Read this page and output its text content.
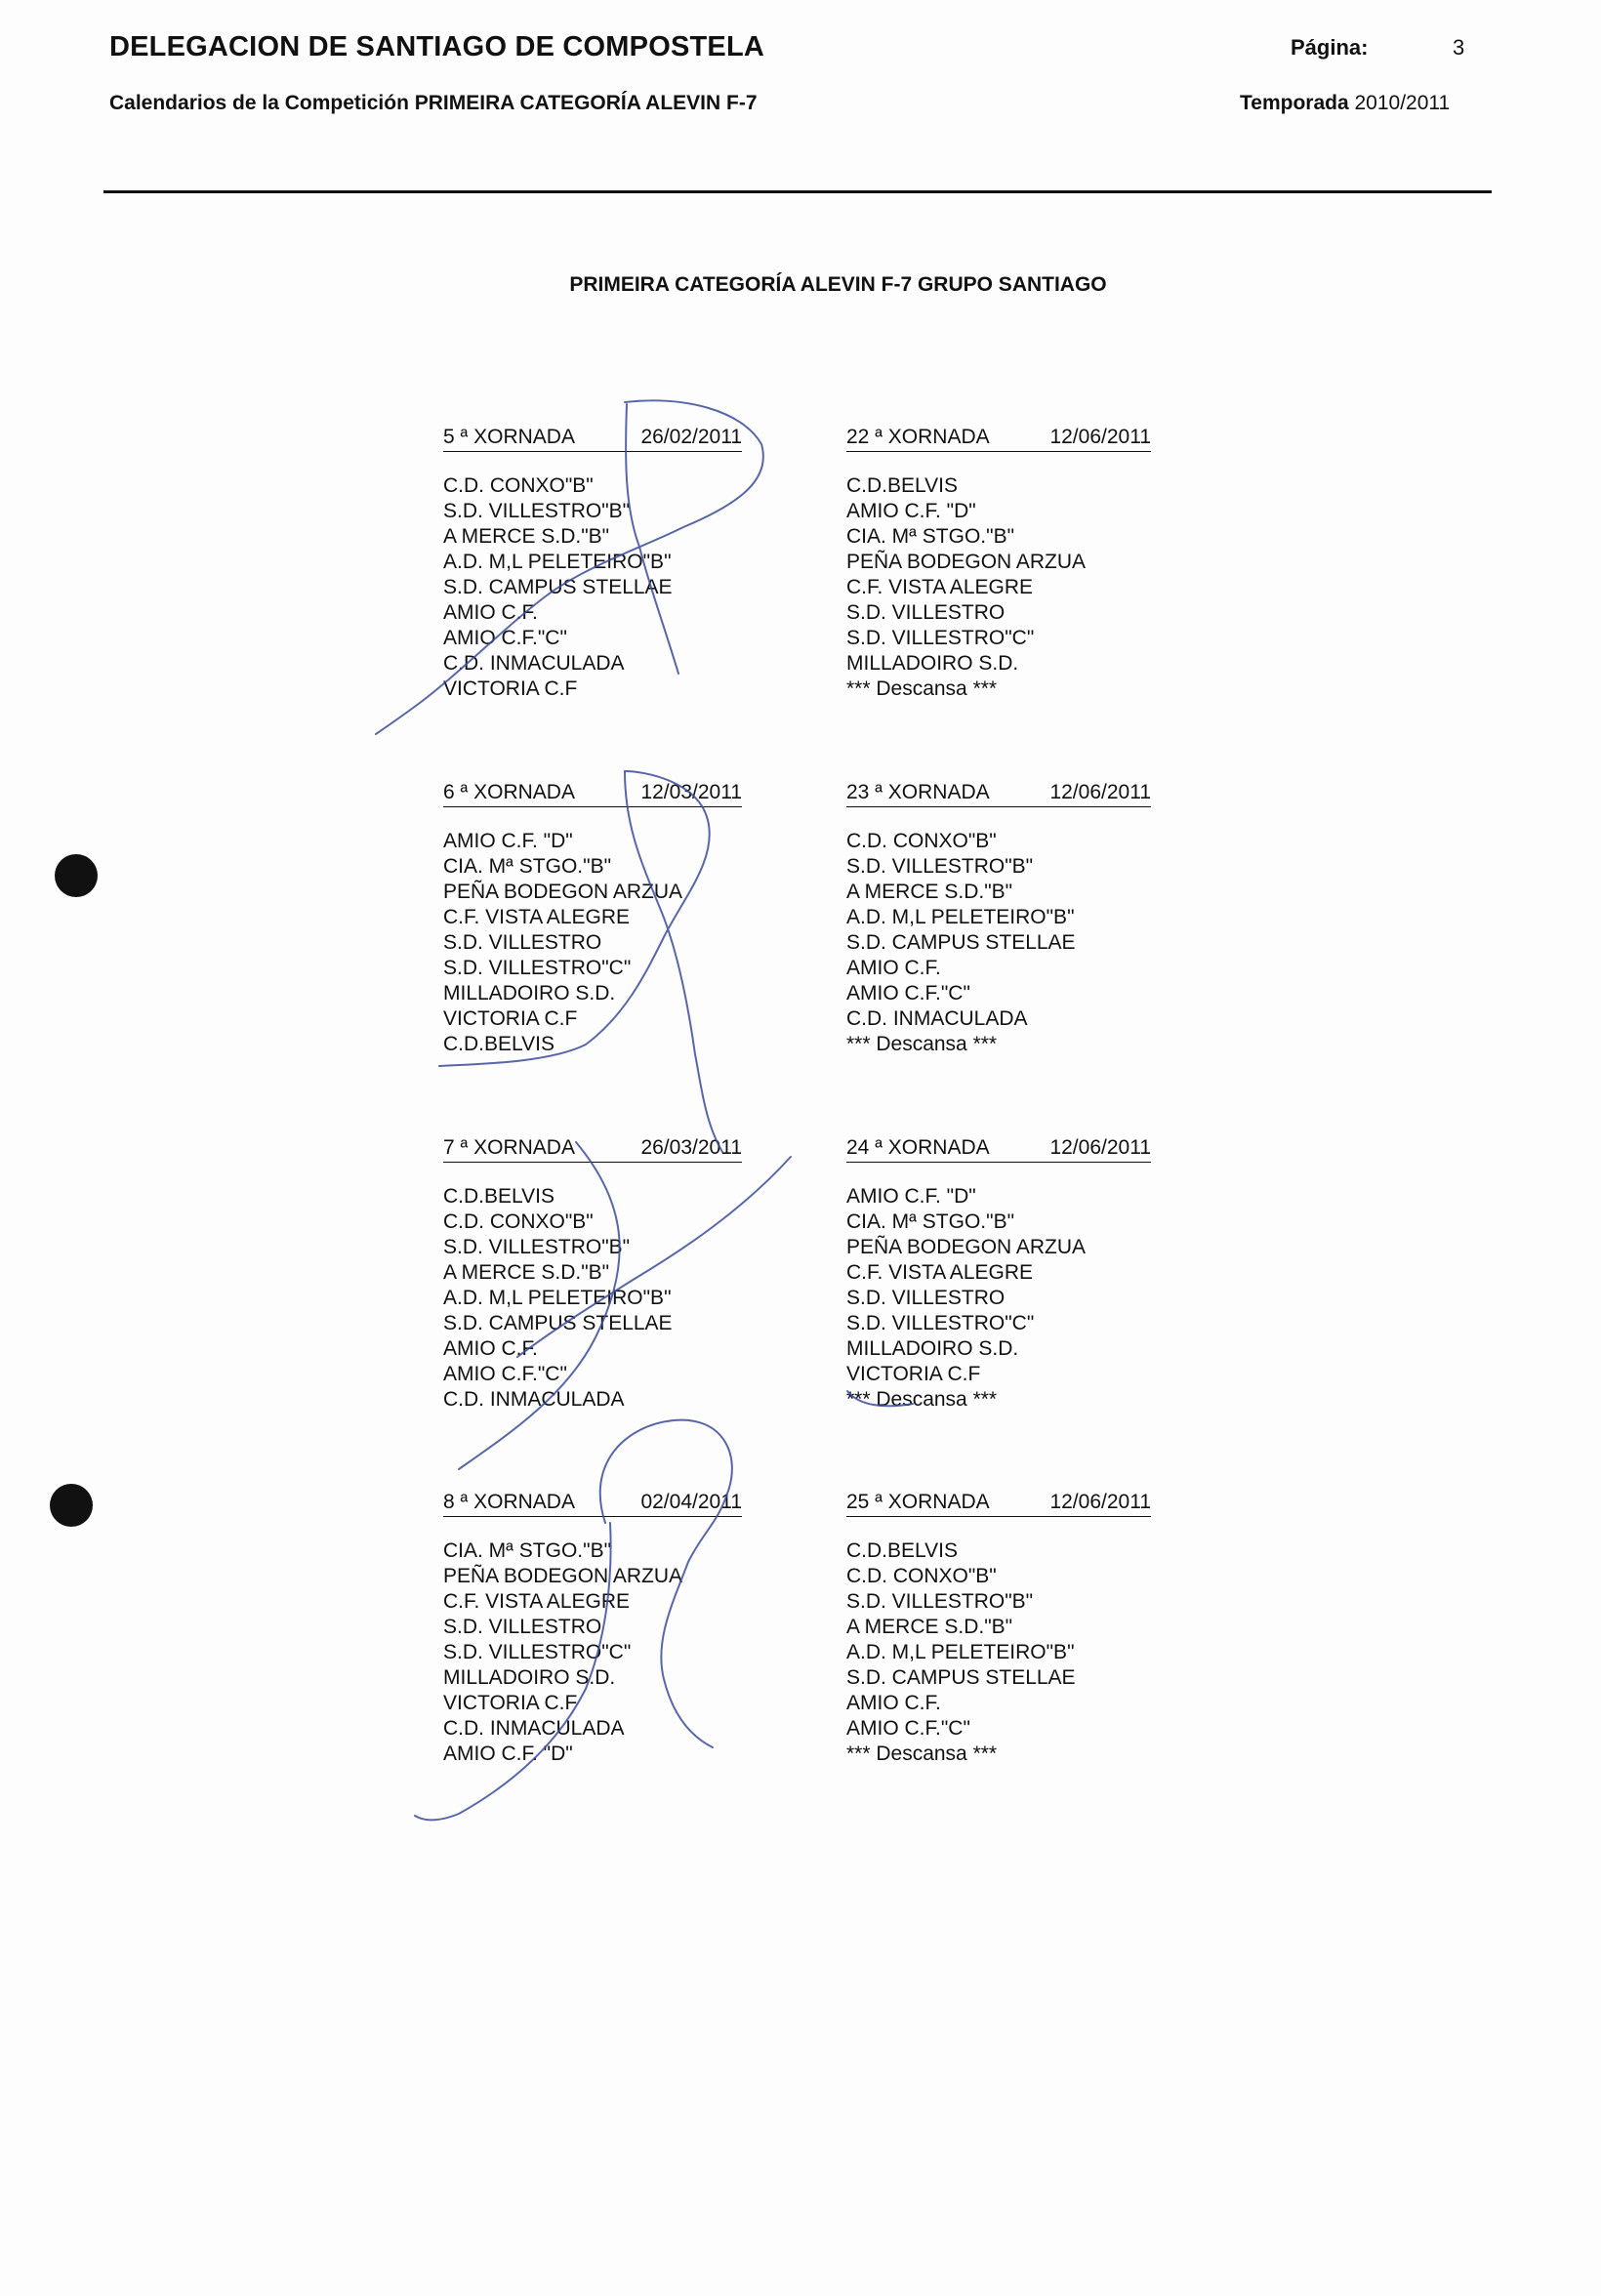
DELEGACION DE SANTIAGO DE COMPOSTELA	Página:	3
Calendarios de la Competición PRIMEIRA CATEGORÍA ALEVIN F-7	Temporada 2010/2011
PRIMEIRA CATEGORÍA ALEVIN F-7 GRUPO SANTIAGO
5 ª XORNADA	26/02/2011
C.D. CONXO"B"
S.D. VILLESTRO"B"
A MERCE S.D."B"
A.D. M,L PELETEIRO"B"
S.D. CAMPUS STELLAE
AMIO C.F.
AMIO C.F."C"
C.D. INMACULADA
VICTORIA C.F
22 ª XORNADA	12/06/2011
C.D.BELVIS
AMIO C.F. "D"
CIA. Mª STGO."B"
PEÑA BODEGON ARZUA
C.F. VISTA ALEGRE
S.D. VILLESTRO
S.D. VILLESTRO"C"
MILLADOIRO S.D.
*** Descansa ***
6 ª XORNADA	12/03/2011
AMIO C.F. "D"
CIA. Mª STGO."B"
PEÑA BODEGON ARZUA
C.F. VISTA ALEGRE
S.D. VILLESTRO
S.D. VILLESTRO"C"
MILLADOIRO S.D.
VICTORIA C.F
C.D.BELVIS
23 ª XORNADA	12/06/2011
C.D. CONXO"B"
S.D. VILLESTRO"B"
A MERCE S.D."B"
A.D. M,L PELETEIRO"B"
S.D. CAMPUS STELLAE
AMIO C.F.
AMIO C.F."C"
C.D. INMACULADA
*** Descansa ***
7 ª XORNADA	26/03/2011
C.D.BELVIS
C.D. CONXO"B"
S.D. VILLESTRO"B"
A MERCE S.D."B"
A.D. M,L PELETEIRO"B"
S.D. CAMPUS STELLAE
AMIO C.F.
AMIO C.F."C"
C.D. INMACULADA
24 ª XORNADA	12/06/2011
AMIO C.F. "D"
CIA. Mª STGO."B"
PEÑA BODEGON ARZUA
C.F. VISTA ALEGRE
S.D. VILLESTRO
S.D. VILLESTRO"C"
MILLADOIRO S.D.
VICTORIA C.F
*** Descansa ***
8 ª XORNADA	02/04/2011
CIA. Mª STGO."B"
PEÑA BODEGON ARZUA
C.F. VISTA ALEGRE
S.D. VILLESTRO
S.D. VILLESTRO"C"
MILLADOIRO S.D.
VICTORIA C.F
C.D. INMACULADA
AMIO C.F. "D"
25 ª XORNADA	12/06/2011
C.D.BELVIS
C.D. CONXO"B"
S.D. VILLESTRO"B"
A MERCE S.D."B"
A.D. M,L PELETEIRO"B"
S.D. CAMPUS STELLAE
AMIO C.F.
AMIO C.F."C"
*** Descansa ***
